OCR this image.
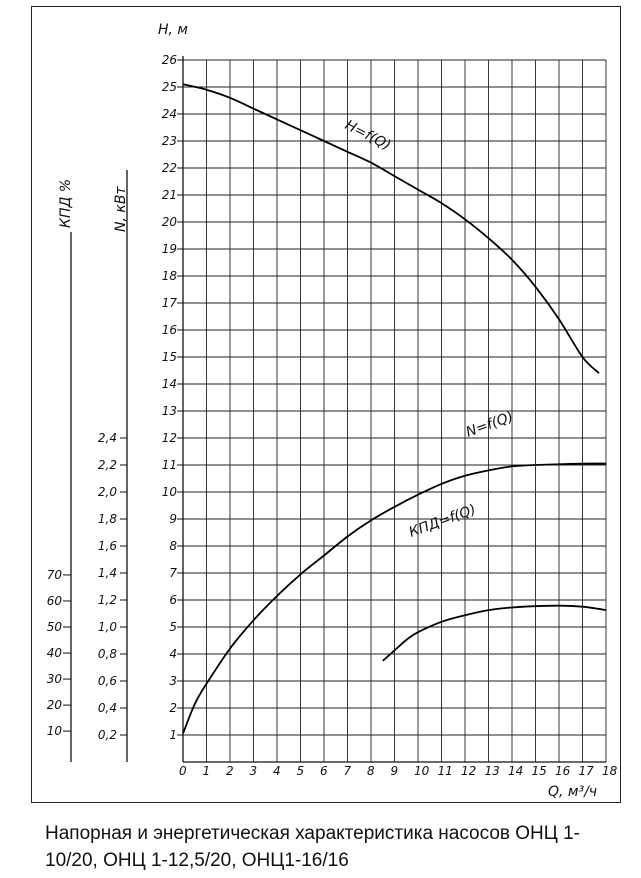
0 1 2 3 4 5 6 7 8 9 10 11 12 13 14 15 16 17 18
1
2
3
4
5
6
7
8
9
10
11
12
13
14
15
16
17
18
19
20
21
22
23
24
25
26
0,2
0,4
0,6
0,8
1,0
1,2
1,4
1,6
1,8
2,0
2,2
2,4
10
20
30
40
50
60
70
H, м
Q, м³/ч
N, кВт
КПД %
H=f(Q)
N=f(Q)
КПД=f(Q)

Напорная и энергетическая характеристика насосов ОНЦ 1-10/20, ОНЦ 1-12,5/20, ОНЦ1-16/16
